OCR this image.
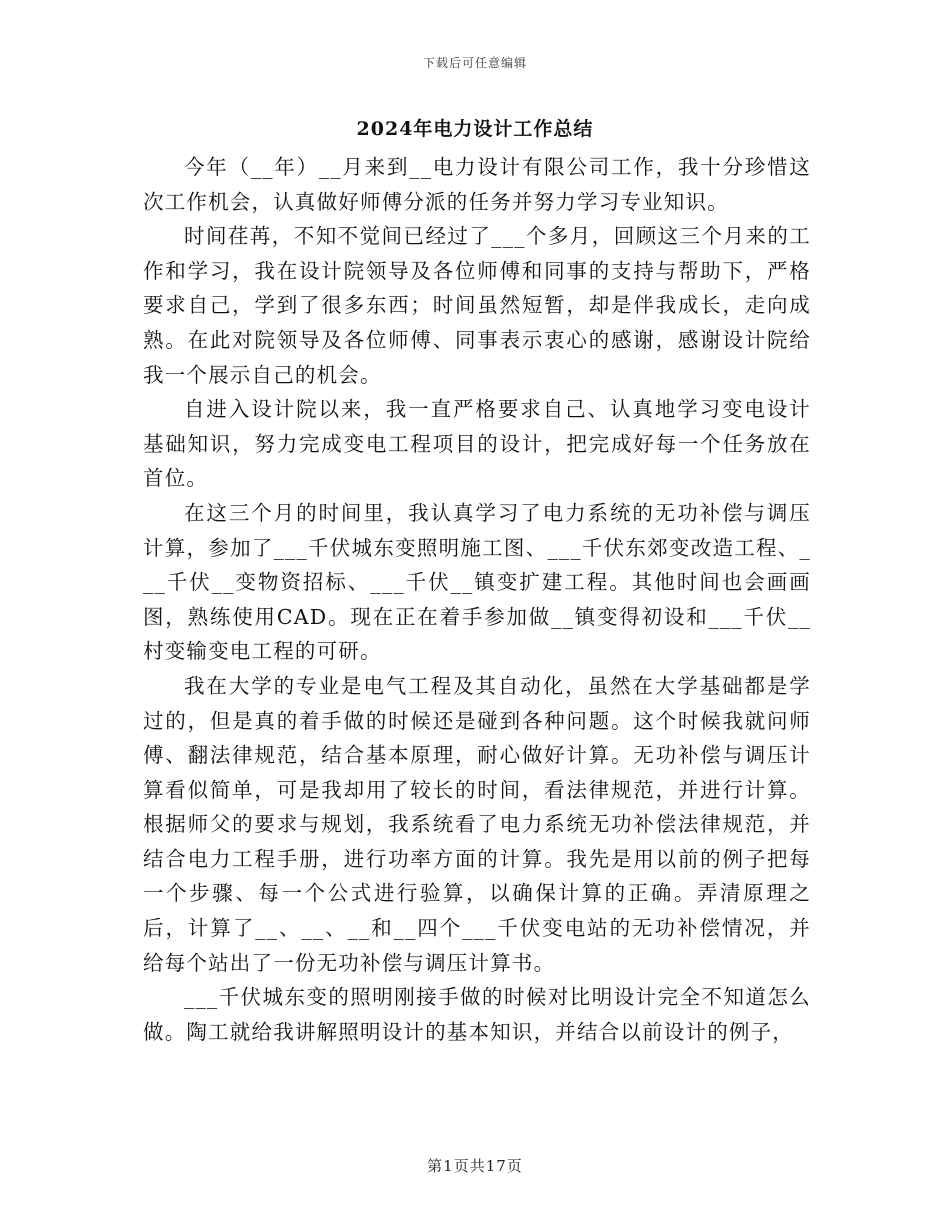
下载后可任意编辑
2024年电力设计工作总结

今年（__年）__月来到__电力设计有限公司工作，我十分珍惜这次工作机会，认真做好师傅分派的任务并努力学习专业知识。

时间荏苒，不知不觉间已经过了___个多月，回顾这三个月来的工作和学习，我在设计院领导及各位师傅和同事的支持与帮助下，严格要求自己，学到了很多东西；时间虽然短暂，却是伴我成长，走向成熟。在此对院领导及各位师傅、同事表示衷心的感谢，感谢设计院给我一个展示自己的机会。

自进入设计院以来，我一直严格要求自己、认真地学习变电设计基础知识，努力完成变电工程项目的设计，把完成好每一个任务放在首位。

在这三个月的时间里，我认真学习了电力系统的无功补偿与调压计算，参加了___千伏城东变照明施工图、___千伏东郊变改造工程、___千伏__变物资招标、___千伏__镇变扩建工程。其他时间也会画画图，熟练使用CAD。现在正在着手参加做__镇变得初设和___千伏__村变输变电工程的可研。

我在大学的专业是电气工程及其自动化，虽然在大学基础都是学过的，但是真的着手做的时候还是碰到各种问题。这个时候我就问师傅、翻法律规范，结合基本原理，耐心做好计算。无功补偿与调压计算看似简单，可是我却用了较长的时间，看法律规范，并进行计算。根据师父的要求与规划，我系统看了电力系统无功补偿法律规范，并结合电力工程手册，进行功率方面的计算。我先是用以前的例子把每一个步骤、每一个公式进行验算，以确保计算的正确。弄清原理之后，计算了__、__、__和__四个___千伏变电站的无功补偿情况，并给每个站出了一份无功补偿与调压计算书。

___千伏城东变的照明刚接手做的时候对比明设计完全不知道怎么做。陶工就给我讲解照明设计的基本知识，并结合以前设计的例子，

第1页共17页
